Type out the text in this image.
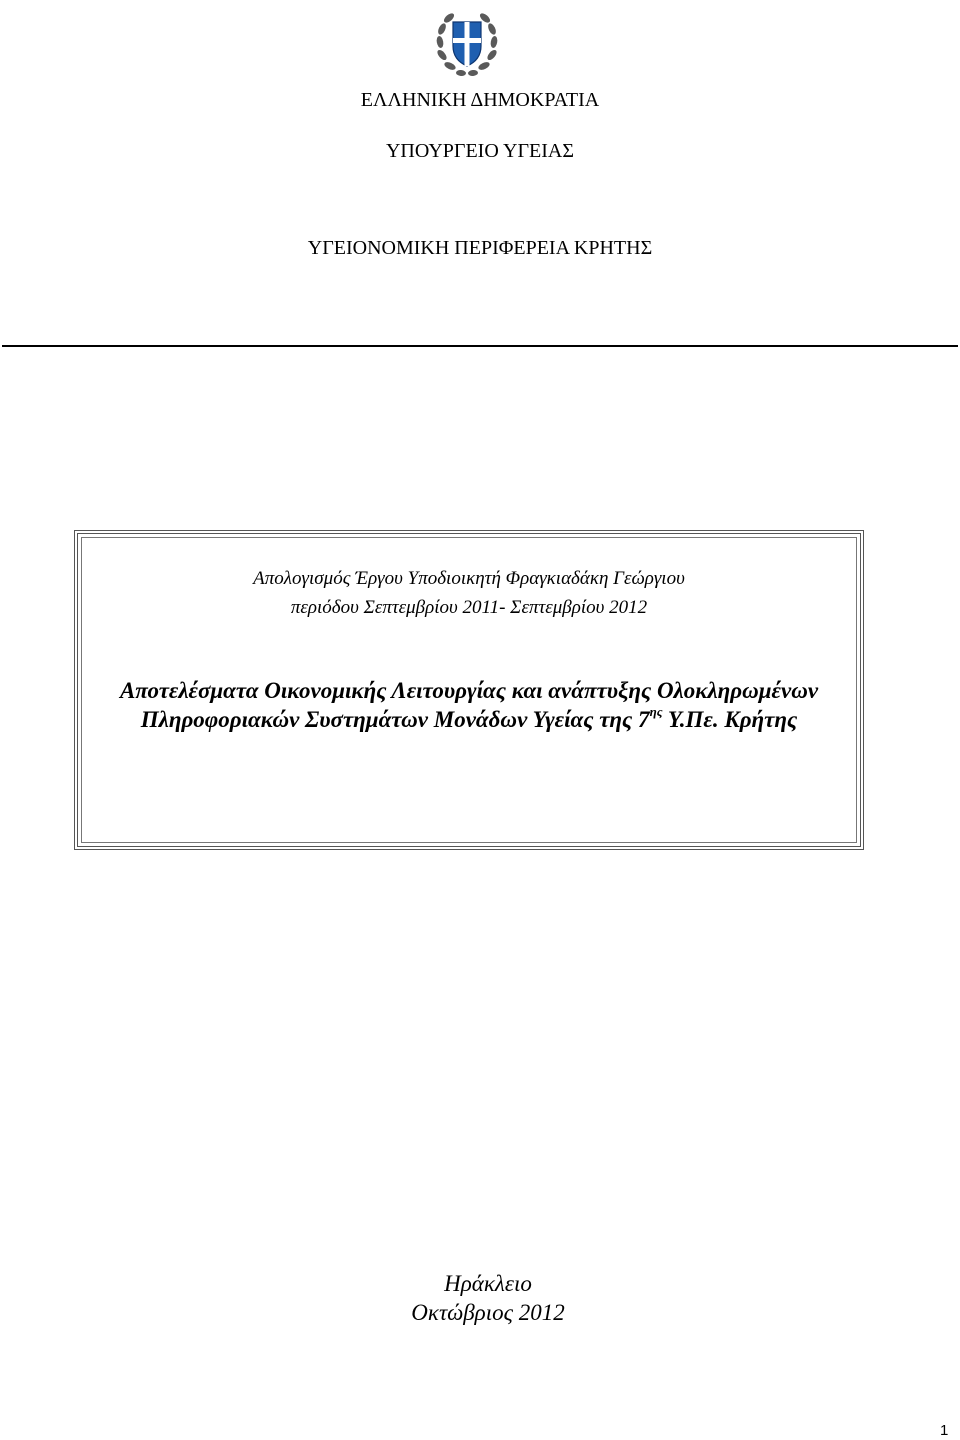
ΕΛΛΗΝΙΚΗ ΔΗΜΟΚΡΑΤΙΑ
ΥΠΟΥΡΓΕΙΟ ΥΓΕΙΑΣ
ΥΓΕΙΟΝΟΜΙΚΗ ΠΕΡΙΦΕΡΕΙΑ ΚΡΗΤΗΣ
Απολογισμός Έργου Υποδιοικητή Φραγκιαδάκη Γεώργιου
περιόδου Σεπτεμβρίου 2011- Σεπτεμβρίου 2012
Αποτελέσματα Οικονομικής Λειτουργίας και ανάπτυξης Ολοκληρωμένων
Πληροφοριακών Συστημάτων Μονάδων Υγείας της $7^{\eta\varsigma}$ Υ.Πε. Κρήτης
Ηράκλειο
Οκτώβριος 2012
1
